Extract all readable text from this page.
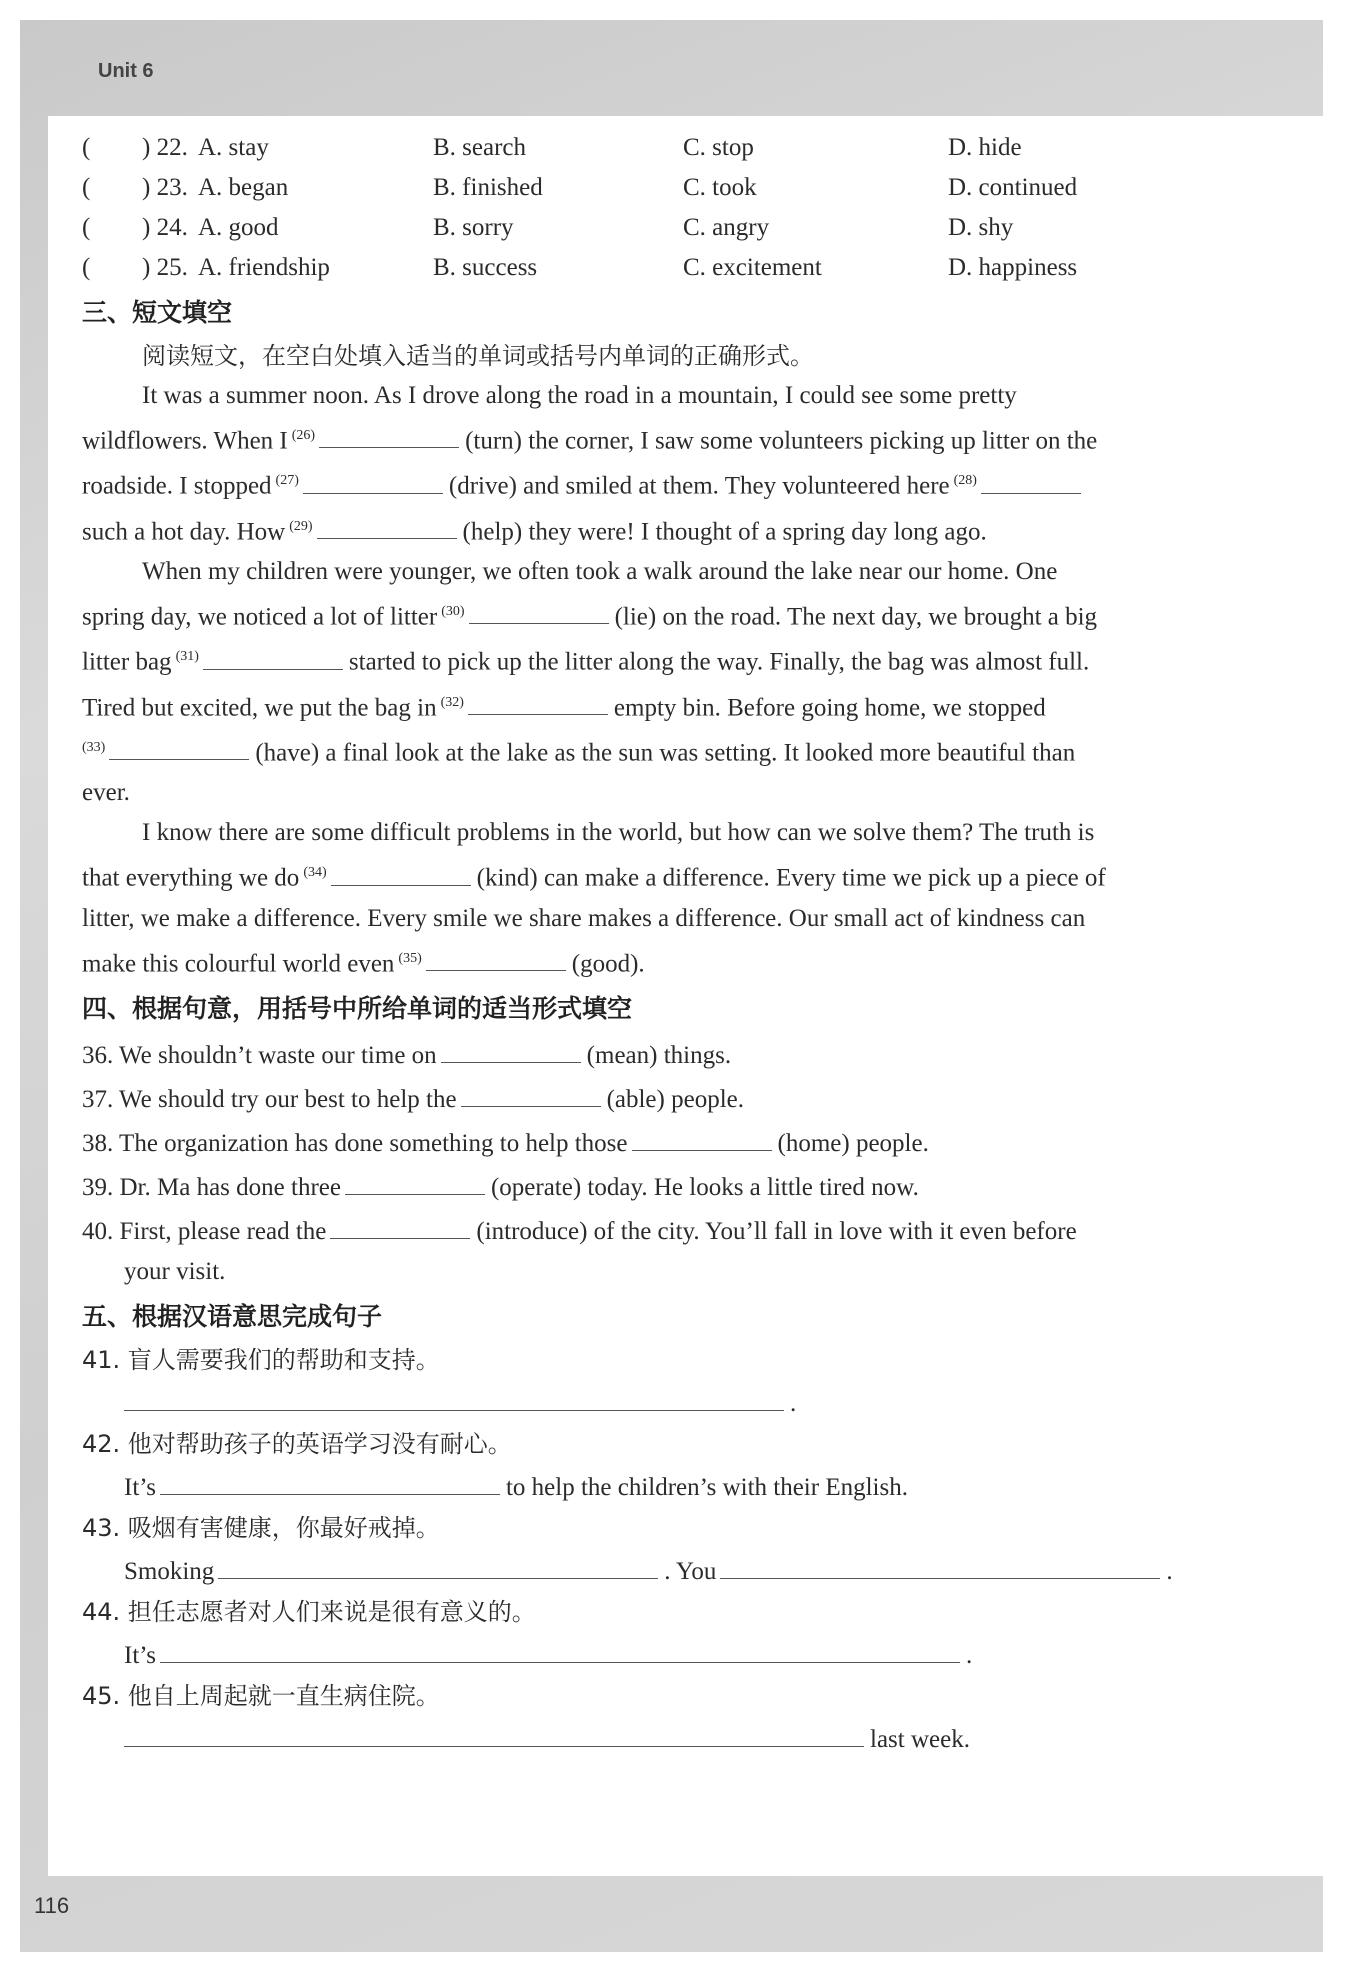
Unit 6
116
(	) 22. A. stay	B. search	C. stop	D. hide
(	) 23. A. began	B. finished	C. took	D. continued
(	) 24. A. good	B. sorry	C. angry	D. shy
(	) 25. A. friendship	B. success	C. excitement	D. happiness
三、短文填空
阅读短文，在空白处填入适当的单词或括号内单词的正确形式。
It was a summer noon. As I drove along the road in a mountain, I could see some pretty
wildflowers. When I $^{(26)}$	(turn) the corner, I saw some volunteers picking up litter on the
roadside. I stopped $^{(27)}$	(drive) and smiled at them. They volunteered here $^{(28)}$
such a hot day. How $^{(29)}$	(help) they were! I thought of a spring day long ago.
When my children were younger, we often took a walk around the lake near our home. One
spring day, we noticed a lot of litter $^{(30)}$	(lie) on the road. The next day, we brought a big
litter bag $^{(31)}$	started to pick up the litter along the way. Finally, the bag was almost full.
Tired but excited, we put the bag in $^{(32)}$	empty bin. Before going home, we stopped
$^{(33)}$	(have) a final look at the lake as the sun was setting. It looked more beautiful than
ever.
I know there are some difficult problems in the world, but how can we solve them? The truth is
that everything we do $^{(34)}$	(kind) can make a difference. Every time we pick up a piece of
litter, we make a difference. Every smile we share makes a difference. Our small act of kindness can
make this colourful world even $^{(35)}$	(good).
四、根据句意，用括号中所给单词的适当形式填空
36. We shouldn’t waste our time on	(mean) things.
37. We should try our best to help the	(able) people.
38. The organization has done something to help those	(home) people.
39. Dr. Ma has done three	(operate) today. He looks a little tired now.
40. First, please read the	(introduce) of the city. You’ll fall in love with it even before
your visit.
五、根据汉语意思完成句子
41. 盲人需要我们的帮助和支持。
.
42. 他对帮助孩子的英语学习没有耐心。
It’s	to help the children’s with their English.
43. 吸烟有害健康，你最好戒掉。
Smoking	. You	.
44. 担任志愿者对人们来说是很有意义的。
It’s	.
45. 他自上周起就一直生病住院。
last week.
